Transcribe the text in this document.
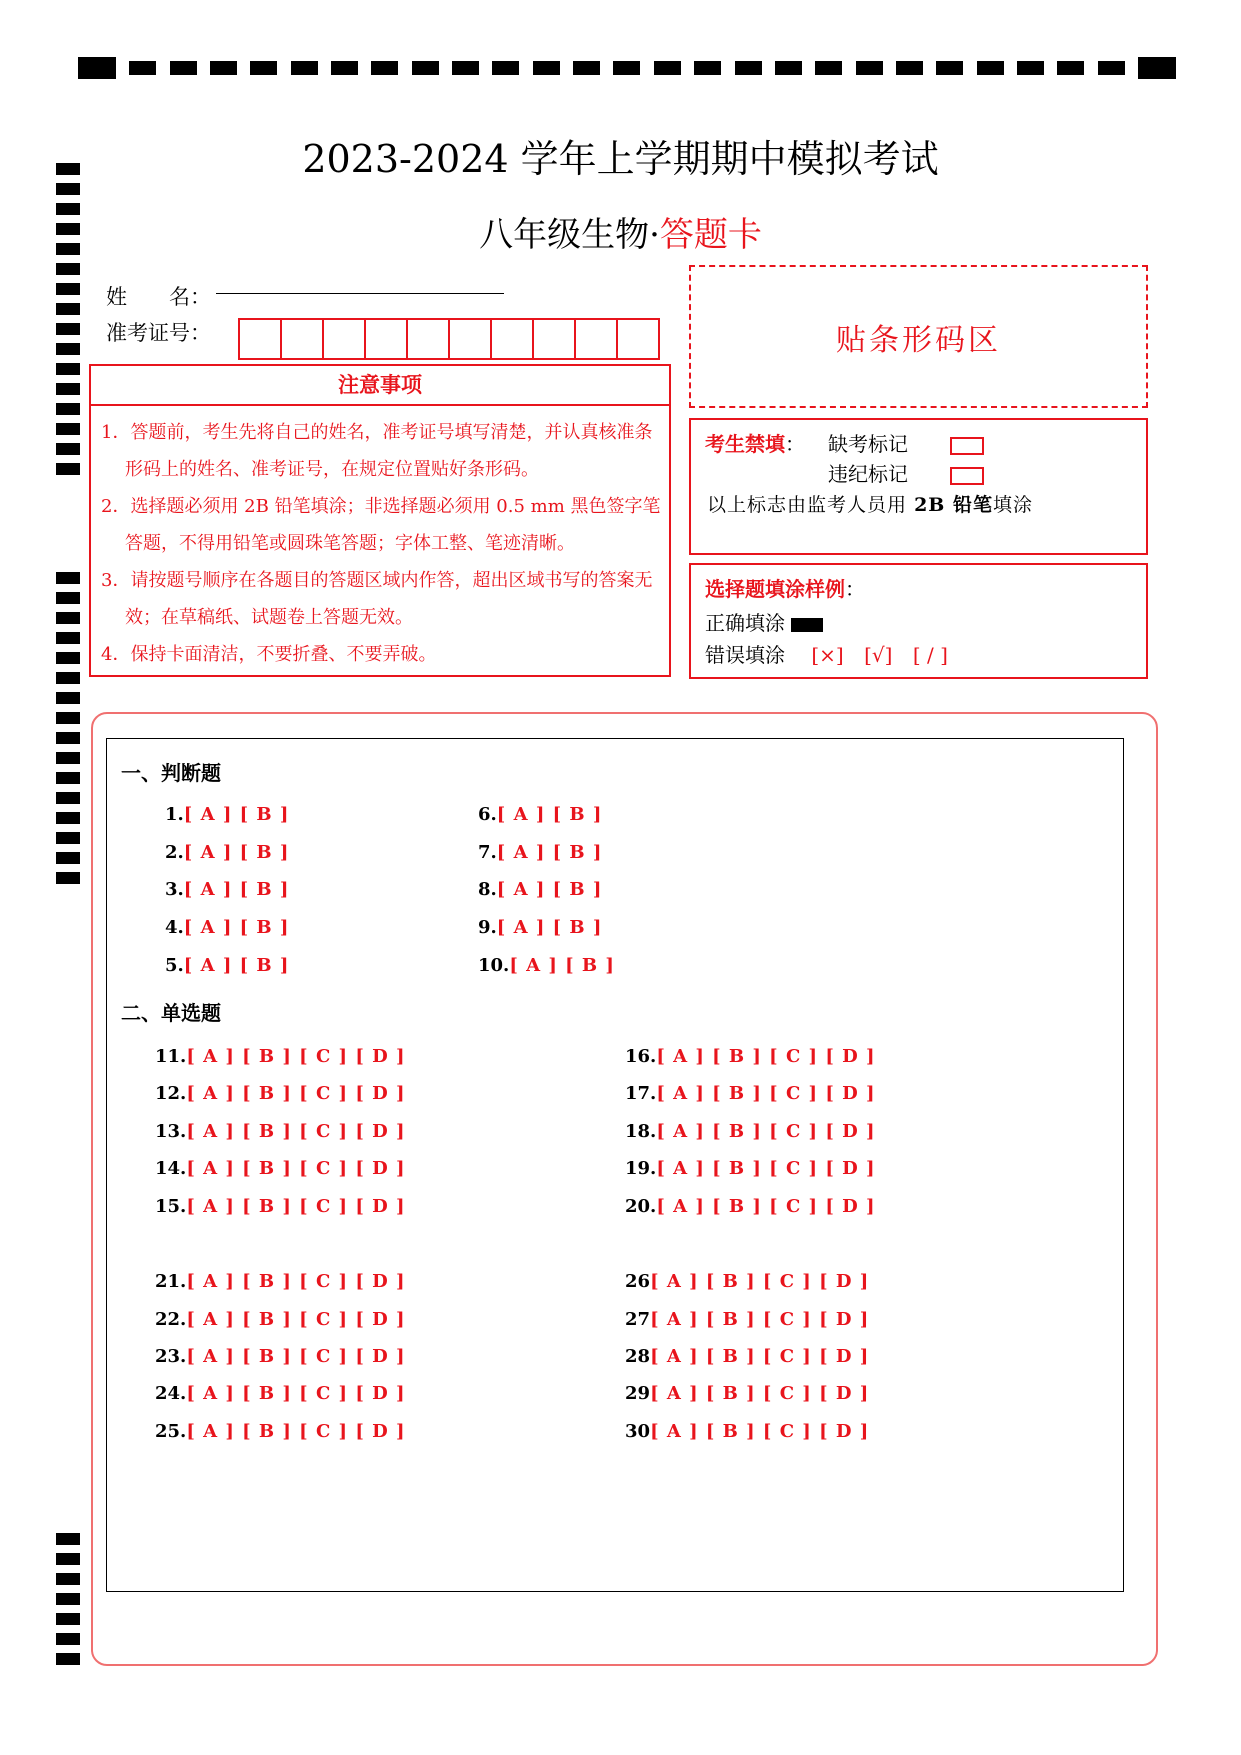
2023-2024 学年上学期期中模拟考试
八年级生物·答题卡
姓　　名：
准考证号：
注意事项
1．答题前，考生先将自己的姓名，准考证号填写清楚，并认真核准条形码上的姓名、准考证号，在规定位置贴好条形码。
2．选择题必须用 2B 铅笔填涂；非选择题必须用 0.5 mm 黑色签字笔答题，不得用铅笔或圆珠笔答题；字体工整、笔迹清晰。
3．请按题号顺序在各题目的答题区域内作答，超出区域书写的答案无效；在草稿纸、试题卷上答题无效。
4．保持卡面清洁，不要折叠、不要弄破。
贴条形码区
考生禁填： 缺考标记
违纪标记
以上标志由监考人员用 2B 铅笔填涂
选择题填涂样例：
正确填涂
错误填涂 [×] [√] [ / ]
一、判断题
二、单选题
1.[ A ] [ B ]
2.[ A ] [ B ]
3.[ A ] [ B ]
4.[ A ] [ B ]
5.[ A ] [ B ]
6.[ A ] [ B ]
7.[ A ] [ B ]
8.[ A ] [ B ]
9.[ A ] [ B ]
10.[ A ] [ B ]
11.[ A ] [ B ] [ C ] [ D ]
12.[ A ] [ B ] [ C ] [ D ]
13.[ A ] [ B ] [ C ] [ D ]
14.[ A ] [ B ] [ C ] [ D ]
15.[ A ] [ B ] [ C ] [ D ]
16.[ A ] [ B ] [ C ] [ D ]
17.[ A ] [ B ] [ C ] [ D ]
18.[ A ] [ B ] [ C ] [ D ]
19.[ A ] [ B ] [ C ] [ D ]
20.[ A ] [ B ] [ C ] [ D ]
21.[ A ] [ B ] [ C ] [ D ]
22.[ A ] [ B ] [ C ] [ D ]
23.[ A ] [ B ] [ C ] [ D ]
24.[ A ] [ B ] [ C ] [ D ]
25.[ A ] [ B ] [ C ] [ D ]
26[ A ] [ B ] [ C ] [ D ]
27[ A ] [ B ] [ C ] [ D ]
28[ A ] [ B ] [ C ] [ D ]
29[ A ] [ B ] [ C ] [ D ]
30[ A ] [ B ] [ C ] [ D ]
